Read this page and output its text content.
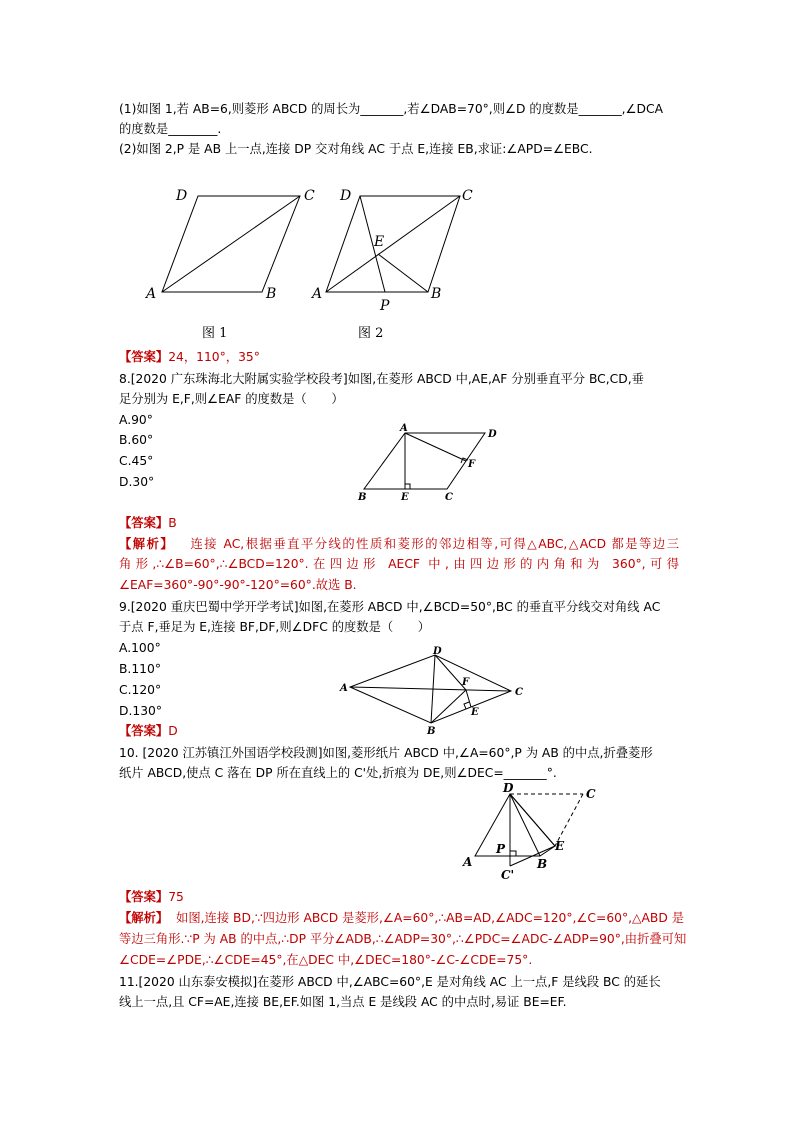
(1)如图 1,若 AB=6,则菱形 ABCD 的周长为_______,若∠DAB=70°,则∠D 的度数是_______,∠DCA
的度数是________.
(2)如图 2,P 是 AB 上一点,连接 DP 交对角线 AC 于点 E,连接 EB,求证:∠APD=∠EBC.
A	B
C
D
A	B
C
D
E
P
图 1	图 2
【答案】24，110°，35°
8.[2020 广东珠海北大附属实验学校段考]如图,在菱形 ABCD 中,AE,AF 分别垂直平分 BC,CD,垂
足分别为 E,F,则∠EAF 的度数是（　　）
A.90°
B.60°
C.45°
D.30°
A
B	C
D
E
F
【答案】B
【解析】 连接 AC,根据垂直平分线的性质和菱形的邻边相等,可得△ABC,△ACD 都是等边三
角形,∴∠B=60°,∴∠BCD=120°.在四边形 AECF 中,由四边形的内角和为 360°,可得
∠EAF=360°-90°-90°-120°=60°.故选 B.
9.[2020 重庆巴蜀中学开学考试]如图,在菱形 ABCD 中,∠BCD=50°,BC 的垂直平分线交对角线 AC
于点 F,垂足为 E,连接 BF,DF,则∠DFC 的度数是（　　）
A.100°
B.110°
C.120°
D.130°
A
B
C
D
E
F
【答案】D
10. [2020 江苏镇江外国语学校段测]如图,菱形纸片 ABCD 中,∠A=60°,P 为 AB 的中点,折叠菱形
纸片 ABCD,使点 C 落在 DP 所在直线上的 C'处,折痕为 DE,则∠DEC=_______°.
A	B
C
D
E
P
C'
【答案】75
【解析】 如图,连接 BD,∵四边形 ABCD 是菱形,∠A=60°,∴AB=AD,∠ADC=120°,∠C=60°,△ABD 是
等边三角形.∵P 为 AB 的中点,∴DP 平分∠ADB,∴∠ADP=30°,∴∠PDC=∠ADC-∠ADP=90°,由折叠可知
∠CDE=∠PDE,∴∠CDE=45°,在△DEC 中,∠DEC=180°-∠C-∠CDE=75°.
11.[2020 山东泰安模拟]在菱形 ABCD 中,∠ABC=60°,E 是对角线 AC 上一点,F 是线段 BC 的延长
线上一点,且 CF=AE,连接 BE,EF.如图 1,当点 E 是线段 AC 的中点时,易证 BE=EF.
